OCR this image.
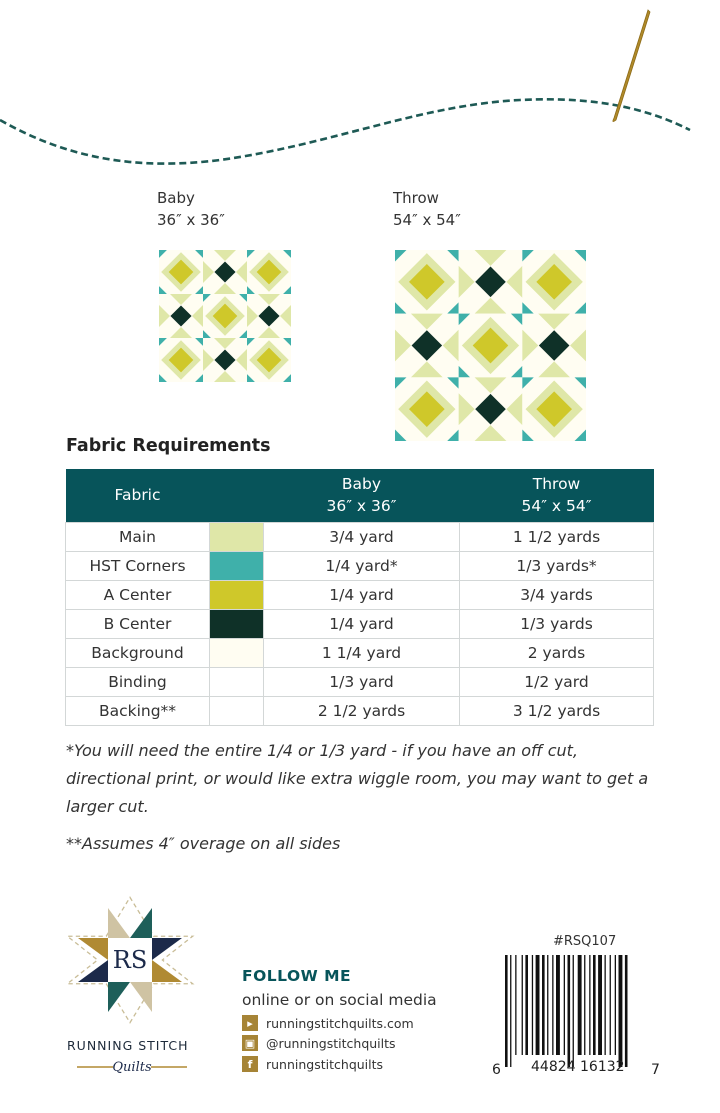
Baby
36″ x 36″
Throw
54″ x 54″
Fabric Requirements
Fabric		Baby
36″ x 36″	Throw
54″ x 54″

Main		3/4 yard	1 1/2 yards
HST Corners		1/4 yard*	1/3 yards*
A Center		1/4 yard	3/4 yards
B Center		1/4 yard	1/3 yards
Background		1 1/4 yard	2 yards
Binding		1/3 yard	1/2 yard
Backing**		2 1/2 yards	3 1/2 yards
*You will need the entire 1/4 or 1/3 yard - if you have an off cut, directional print, or would like extra wiggle room, you may want to get a larger cut.
**Assumes 4″ overage on all sides
RS
RUNNING STITCH
Quilts
FOLLOW ME
online or on social media
▸	runningstitchquilts.com
▣ @runningstitchquilts
f	runningstitchquilts
#RSQ107
6 44824 16132 7
